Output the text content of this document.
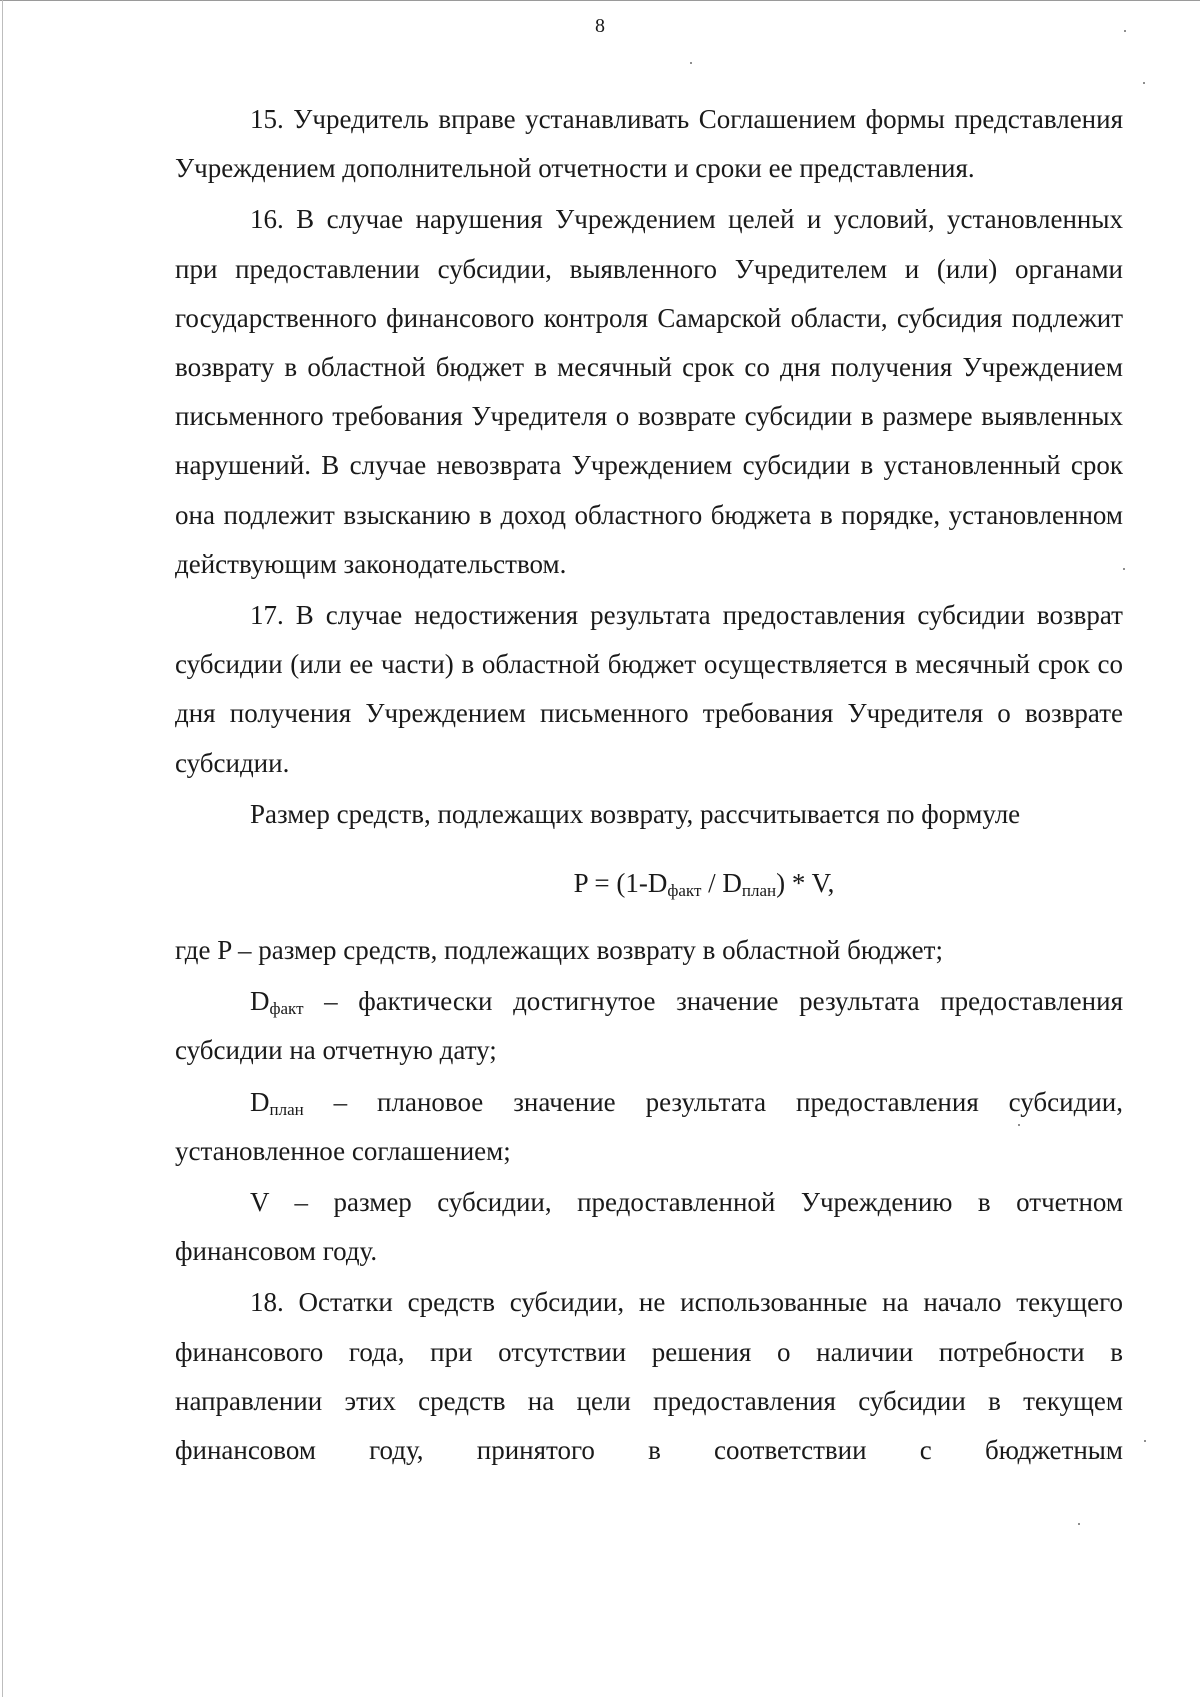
8

15. Учредитель вправе устанавливать Соглашением формы представления Учреждением дополнительной отчетности и сроки ее представления.

16. В случае нарушения Учреждением целей и условий, установленных при предоставлении субсидии, выявленного Учредителем и (или) органами государственного финансового контроля Самарской области, субсидия подлежит возврату в областной бюджет в месячный срок со дня получения Учреждением письменного требования Учредителя о возврате субсидии в размере выявленных нарушений. В случае невозврата Учреждением субсидии в установленный срок она подлежит взысканию в доход областного бюджета в порядке, установленном действующим законодательством.

17. В случае недостижения результата предоставления субсидии возврат субсидии (или ее части) в областной бюджет осуществляется в месячный срок со дня получения Учреждением письменного требования Учредителя о возврате субсидии.

Размер средств, подлежащих возврату, рассчитывается по формуле

$P = (1-D_{факт} / D_{план}) * V$,

где P – размер средств, подлежащих возврату в областной бюджет;

$D_{факт}$ – фактически достигнутое значение результата предоставления субсидии на отчетную дату;

$D_{план}$ – плановое значение результата предоставления субсидии, установленное соглашением;

V – размер субсидии, предоставленной Учреждению в отчетном финансовом году.

18. Остатки средств субсидии, не использованные на начало текущего финансового года, при отсутствии решения о наличии потребности в направлении этих средств на цели предоставления субсидии в текущем финансовом году, принятого в соответствии с бюджетным
